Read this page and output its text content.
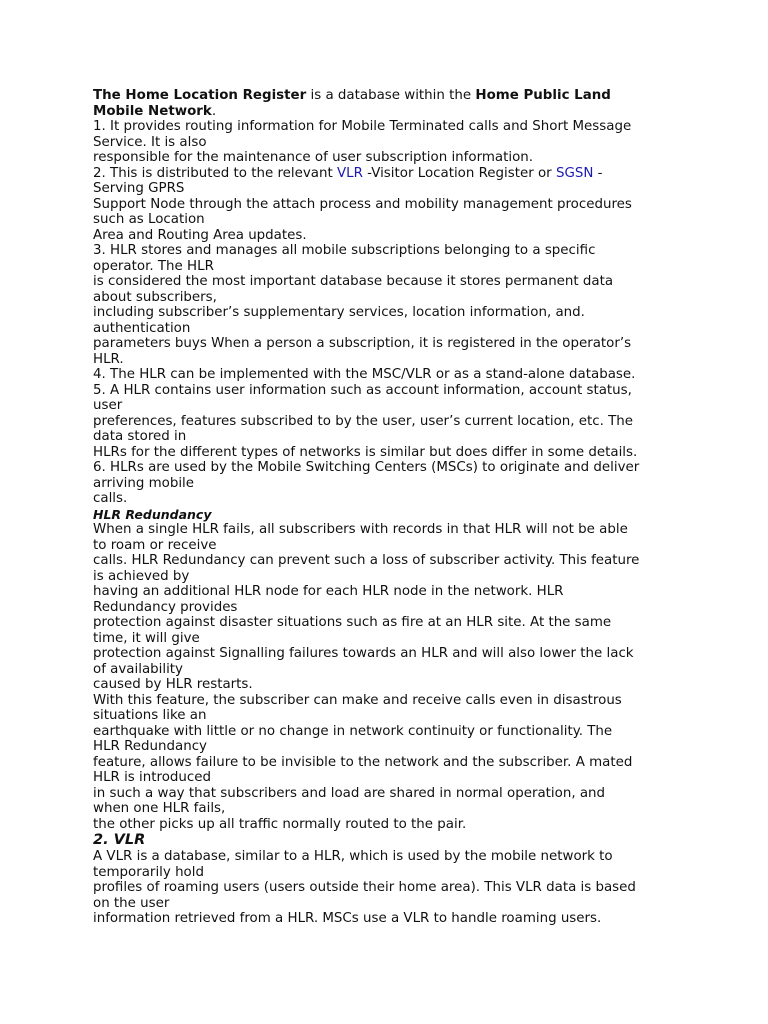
The Home Location Register is a database within the Home Public Land
Mobile Network.
1. It provides routing information for Mobile Terminated calls and Short Message
Service. It is also
responsible for the maintenance of user subscription information.
2. This is distributed to the relevant VLR -Visitor Location Register or SGSN -
Serving GPRS
Support Node through the attach process and mobility management procedures
such as Location
Area and Routing Area updates.
3. HLR stores and manages all mobile subscriptions belonging to a specific
operator. The HLR
is considered the most important database because it stores permanent data
about subscribers,
including subscriber’s supplementary services, location information, and.
authentication
parameters buys When a person a subscription, it is registered in the operator’s
HLR.
4. The HLR can be implemented with the MSC/VLR or as a stand-alone database.
5. A HLR contains user information such as account information, account status,
user
preferences, features subscribed to by the user, user’s current location, etc. The
data stored in
HLRs for the different types of networks is similar but does differ in some details.
6. HLRs are used by the Mobile Switching Centers (MSCs) to originate and deliver
arriving mobile
calls.
HLR Redundancy
When a single HLR fails, all subscribers with records in that HLR will not be able
to roam or receive
calls. HLR Redundancy can prevent such a loss of subscriber activity. This feature
is achieved by
having an additional HLR node for each HLR node in the network. HLR
Redundancy provides
protection against disaster situations such as fire at an HLR site. At the same
time, it will give
protection against Signalling failures towards an HLR and will also lower the lack
of availability
caused by HLR restarts.
With this feature, the subscriber can make and receive calls even in disastrous
situations like an
earthquake with little or no change in network continuity or functionality. The
HLR Redundancy
feature, allows failure to be invisible to the network and the subscriber. A mated
HLR is introduced
in such a way that subscribers and load are shared in normal operation, and
when one HLR fails,
the other picks up all traffic normally routed to the pair.
2. VLR
A VLR is a database, similar to a HLR, which is used by the mobile network to
temporarily hold
profiles of roaming users (users outside their home area). This VLR data is based
on the user
information retrieved from a HLR. MSCs use a VLR to handle roaming users.
